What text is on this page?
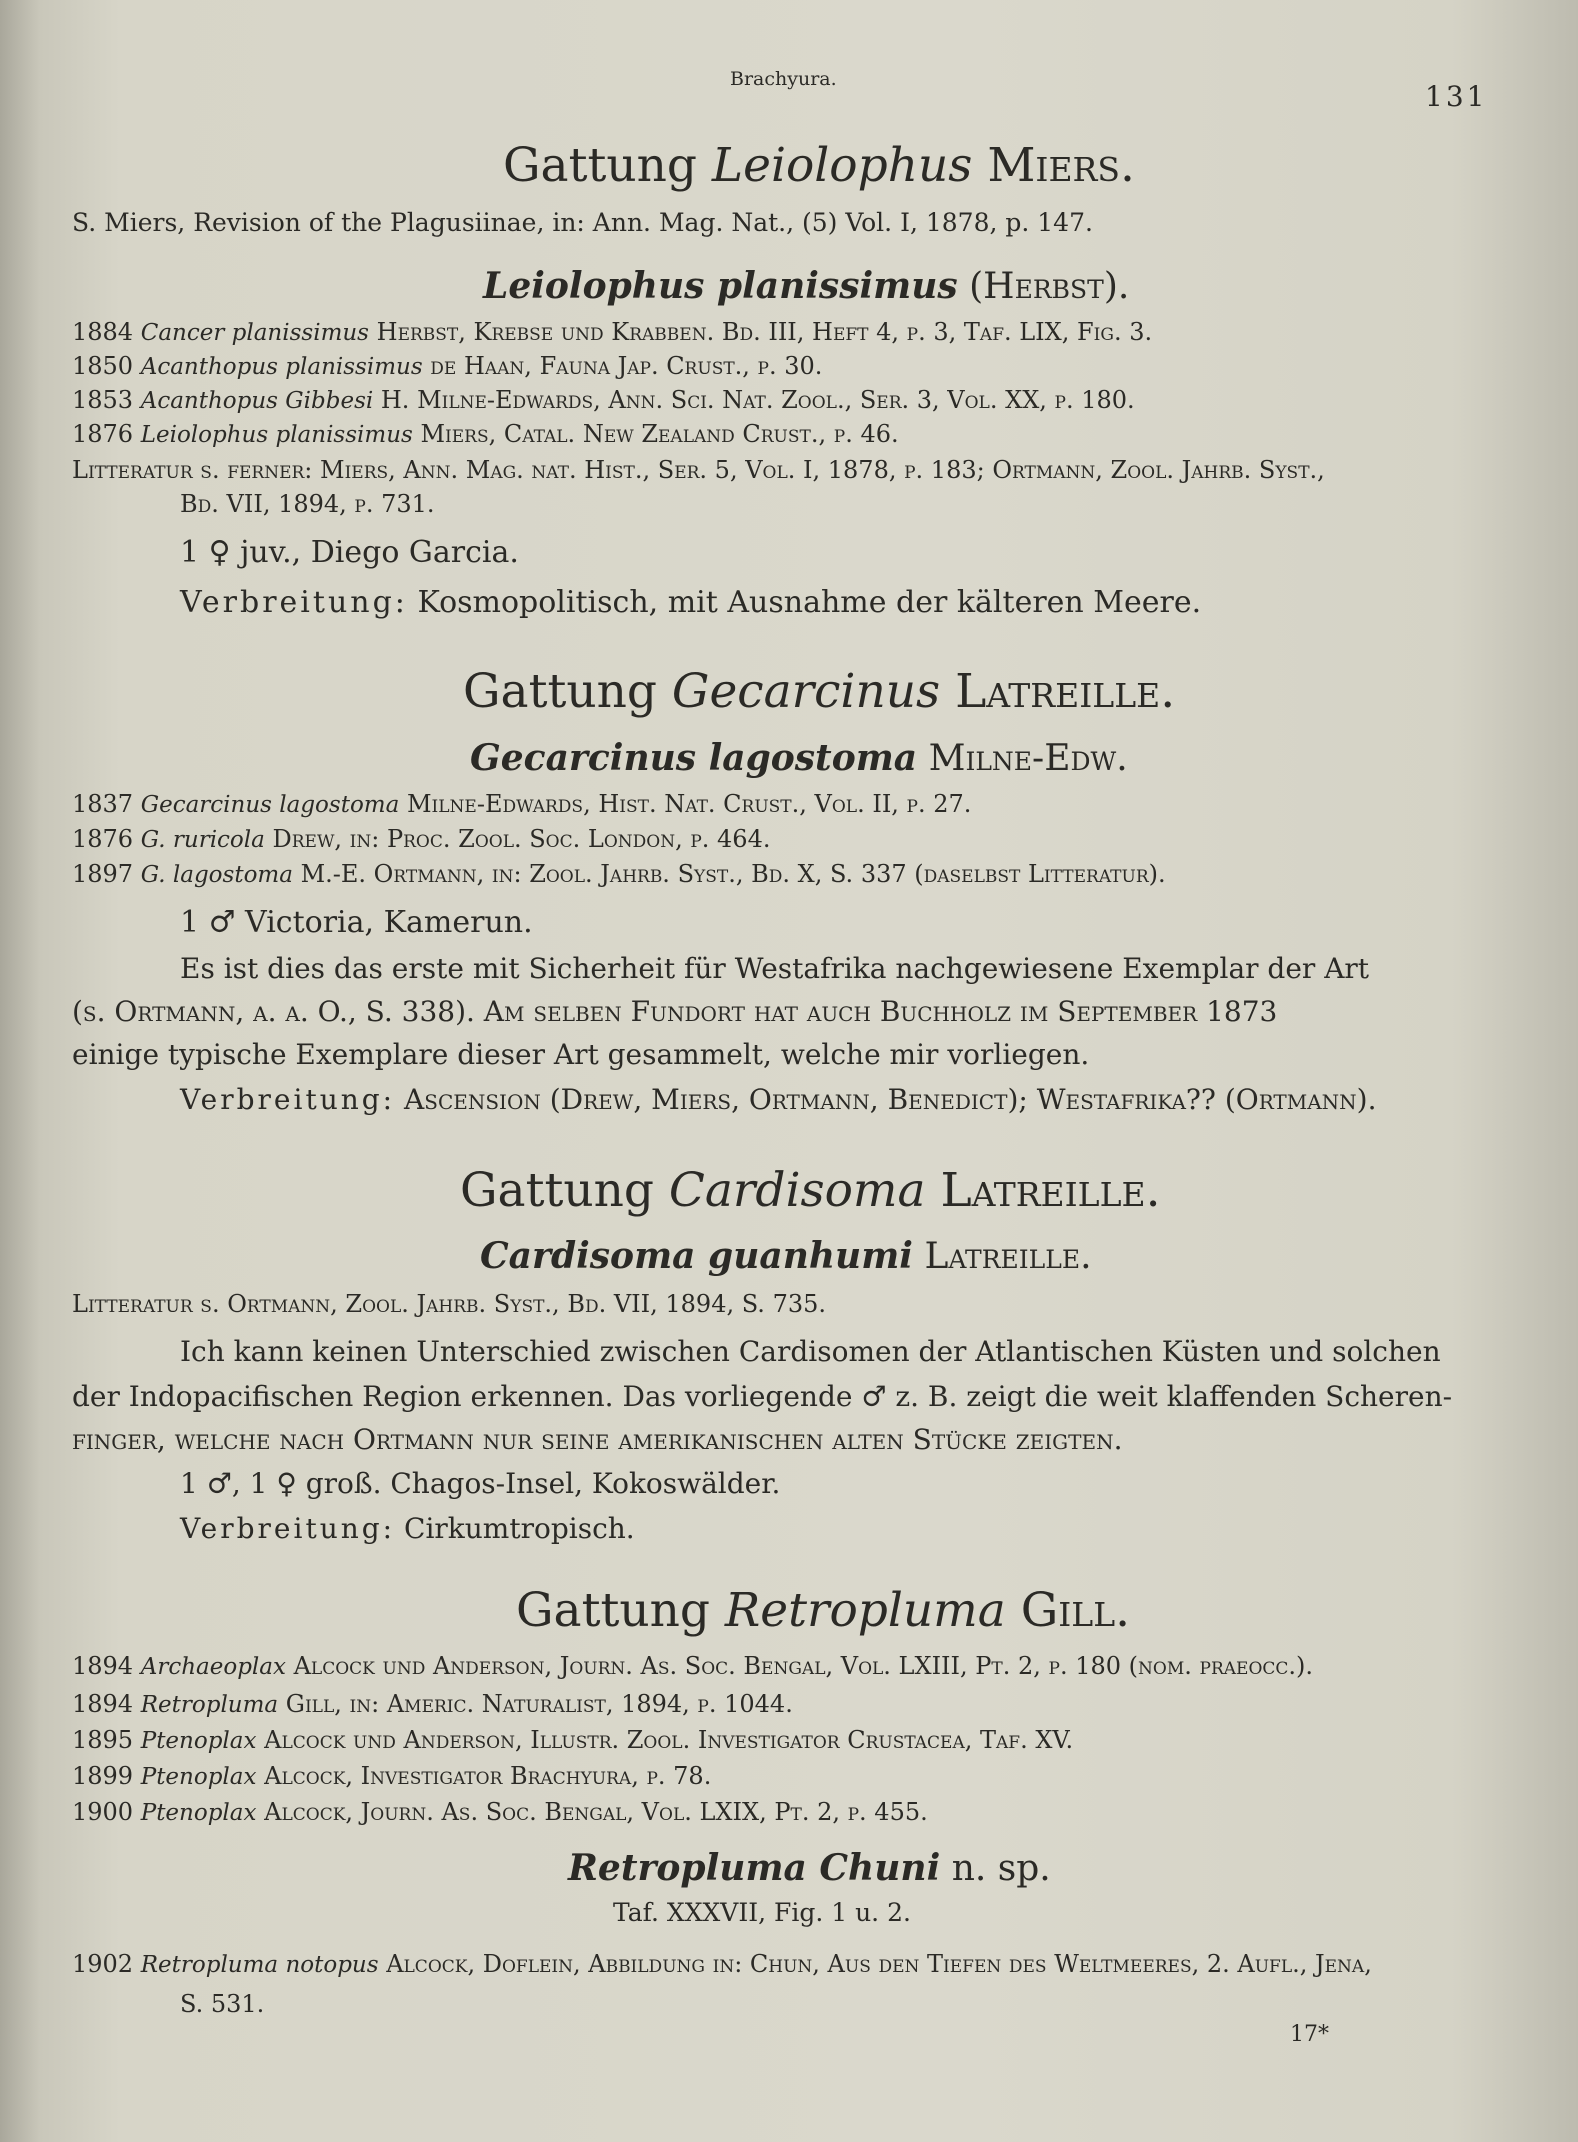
Brachyura.
131
Gattung Leiolophus Miers.
S. Miers, Revision of the Plagusiinae, in: Ann. Mag. Nat., (5) Vol. I, 1878, p. 147.
Leiolophus planissimus (Herbst).
1884 Cancer planissimus Herbst, Krebse und Krabben. Bd. III, Heft 4, p. 3, Taf. LIX, Fig. 3.
1850 Acanthopus planissimus de Haan, Fauna Jap. Crust., p. 30.
1853 Acanthopus Gibbesi H. Milne-Edwards, Ann. Sci. Nat. Zool., Ser. 3, Vol. XX, p. 180.
1876 Leiolophus planissimus Miers, Catal. New Zealand Crust., p. 46.
Litteratur s. ferner: Miers, Ann. Mag. nat. Hist., Ser. 5, Vol. I, 1878, p. 183; Ortmann, Zool. Jahrb. Syst.,
Bd. VII, 1894, p. 731.
1 ♀ juv., Diego Garcia.
Verbreitung: Kosmopolitisch, mit Ausnahme der kälteren Meere.
Gattung Gecarcinus Latreille.
Gecarcinus lagostoma Milne-Edw.
1837 Gecarcinus lagostoma Milne-Edwards, Hist. Nat. Crust., Vol. II, p. 27.
1876 G. ruricola Drew, in: Proc. Zool. Soc. London, p. 464.
1897 G. lagostoma M.-E. Ortmann, in: Zool. Jahrb. Syst., Bd. X, S. 337 (daselbst Litteratur).
1 ♂ Victoria, Kamerun.
Es ist dies das erste mit Sicherheit für Westafrika nachgewiesene Exemplar der Art
(s. Ortmann, a. a. O., S. 338). Am selben Fundort hat auch Buchholz im September 1873
einige typische Exemplare dieser Art gesammelt, welche mir vorliegen.
Verbreitung: Ascension (Drew, Miers, Ortmann, Benedict); Westafrika?? (Ortmann).
Gattung Cardisoma Latreille.
Cardisoma guanhumi Latreille.
Litteratur s. Ortmann, Zool. Jahrb. Syst., Bd. VII, 1894, S. 735.
Ich kann keinen Unterschied zwischen Cardisomen der Atlantischen Küsten und solchen
der Indopacifischen Region erkennen. Das vorliegende ♂ z. B. zeigt die weit klaffenden Scheren-
finger, welche nach Ortmann nur seine amerikanischen alten Stücke zeigten.
1 ♂, 1 ♀ groß. Chagos-Insel, Kokoswälder.
Verbreitung: Cirkumtropisch.
Gattung Retropluma Gill.
1894 Archaeoplax Alcock und Anderson, Journ. As. Soc. Bengal, Vol. LXIII, Pt. 2, p. 180 (nom. praeocc.).
1894 Retropluma Gill, in: Americ. Naturalist, 1894, p. 1044.
1895 Ptenoplax Alcock und Anderson, Illustr. Zool. Investigator Crustacea, Taf. XV.
1899 Ptenoplax Alcock, Investigator Brachyura, p. 78.
1900 Ptenoplax Alcock, Journ. As. Soc. Bengal, Vol. LXIX, Pt. 2, p. 455.
Retropluma Chuni n. sp.
Taf. XXXVII, Fig. 1 u. 2.
1902 Retropluma notopus Alcock, Doflein, Abbildung in: Chun, Aus den Tiefen des Weltmeeres, 2. Aufl., Jena,
S. 531.
17*
